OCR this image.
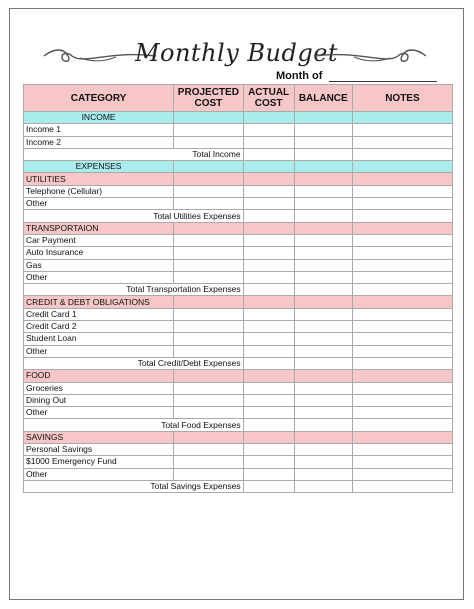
Monthly Budget
Month of
CATEGORY	PROJECTED COST	ACTUAL COST	BALANCE	NOTES
INCOME				
Income 1				
Income 2				
Total Income				
EXPENSES				
UTILITIES				
Telephone (Cellular)				
Other				
Total Utilities Expenses				
TRANSPORTAION				
Car Payment				
Auto Insurance				
Gas				
Other				
Total Transportation Expenses				
CREDIT & DEBT OBLIGATIONS				
Credit Card 1				
Credit Card 2				
Student Loan				
Other				
Total Credit/Debt Expenses				
FOOD				
Groceries				
Dining Out				
Other				
Total Food Expenses				
SAVINGS				
Personal Savings				
$1000 Emergency Fund				
Other				
Total Savings Expenses				
